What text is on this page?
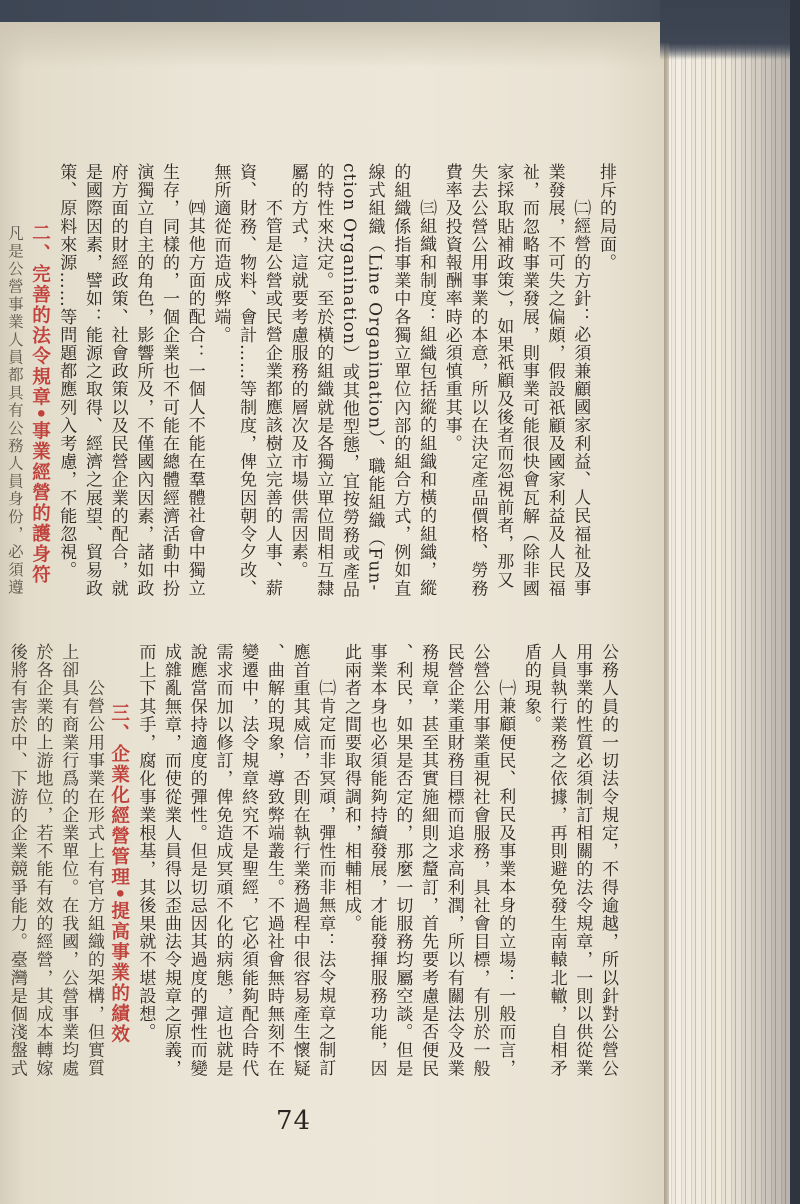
排斥的局面。
㈡經營的方針：必須兼顧國家利益、人民福祉及事
業發展，不可失之偏頗，假設祇顧及國家利益及人民福
祉，而忽略事業發展，則事業可能很快會瓦解（除非國
家採取貼補政策），如果祇顧及後者而忽視前者，那又
失去公營公用事業的本意，所以在決定產品價格、勞務
費率及投資報酬率時必須慎重其事。
㈢組織和制度：組織包括縱的組織和橫的組織，縱
的組織係指事業中各獨立單位內部的組合方式，例如直
線式組織（Line Organination）、職能組織（Fun-
ction Organination）或其他型態，宜按勞務或產品
的特性來決定。至於橫的組織就是各獨立單位間相互隸
屬的方式，這就要考慮服務的層次及市場供需因素。
不管是公營或民營企業都應該樹立完善的人事、薪
資、財務、物料、會計……等制度，俾免因朝令夕改、
無所適從而造成弊端。
㈣其他方面的配合：一個人不能在羣體社會中獨立
生存，同樣的，一個企業也不可能在總體經濟活動中扮
演獨立自主的角色，影響所及，不僅國內因素，諸如政
府方面的財經政策、社會政策以及民營企業的配合，就
是國際因素，譬如：能源之取得、經濟之展望、貿易政
策、原料來源……等問題都應列入考慮，不能忽視。
二、完善的法令規章•事業經營的護身符
凡是公營事業人員都具有公務人員身份，必須遵
公務人員的一切法令規定，不得逾越，所以針對公營公
用事業的性質必須制訂相關的法令規章，一則以供從業
人員執行業務之依據，再則避免發生南轅北轍，自相矛
盾的現象。
㈠兼顧便民、利民及事業本身的立場：一般而言，
公營公用事業重視社會服務，具社會目標，有別於一般
民營企業重財務目標而追求高利潤，所以有關法令及業
務規章，甚至其實施細則之釐訂，首先要考慮是否便民
、利民，如果是否定的，那麼一切服務均屬空談。但是
事業本身也必須能夠持續發展，才能發揮服務功能，因
此兩者之間要取得調和，相輔相成。
㈡肯定而非冥頑，彈性而非無章：法令規章之制訂
應首重其威信，否則在執行業務過程中很容易產生懷疑
、曲解的現象，導致弊端叢生。不過社會無時無刻不在
變遷中，法令規章終究不是聖經，它必須能夠配合時代
需求而加以修訂，俾免造成冥頑不化的病態，這也就是
說應當保持適度的彈性。但是切忌因其過度的彈性而變
成雜亂無章，而使從業人員得以歪曲法令規章之原義，
而上下其手，腐化事業根基，其後果就不堪設想。
三、企業化經營管理•提高事業的績效
公營公用事業在形式上有官方組織的架構，但實質
上卻具有商業行爲的企業單位。在我國，公營事業均處
於各企業的上游地位，若不能有效的經營，其成本轉嫁
後將有害於中、下游的企業競爭能力。臺灣是個淺盤式
74
